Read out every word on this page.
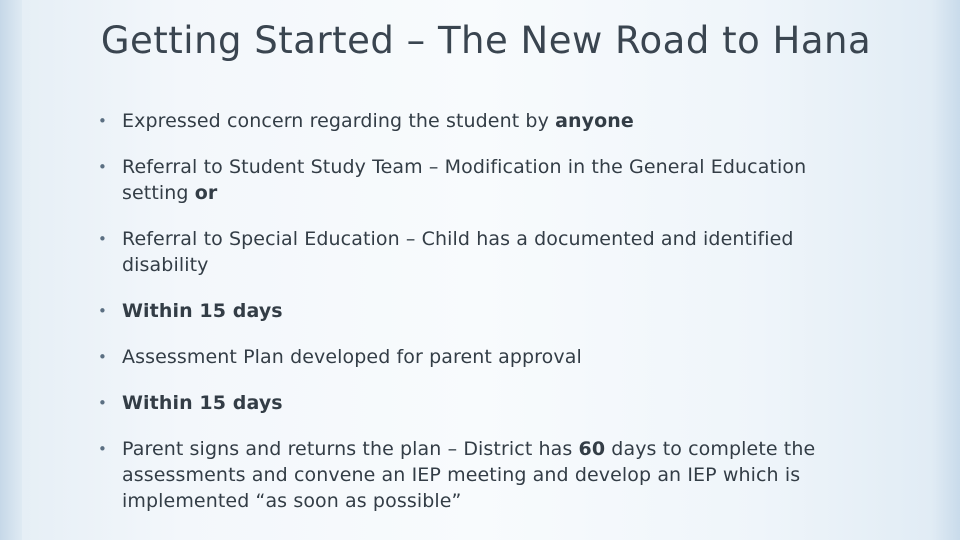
Getting Started – The New Road to Hana
• Expressed concern regarding the student by anyone
• Referral to Student Study Team – Modification in the General Education setting or
• Referral to Special Education – Child has a documented and identified disability
• Within 15 days
• Assessment Plan developed for parent approval
• Within 15 days
• Parent signs and returns the plan – District has 60 days to complete the assessments and convene an IEP meeting and develop an IEP which is implemented “as soon as possible”
